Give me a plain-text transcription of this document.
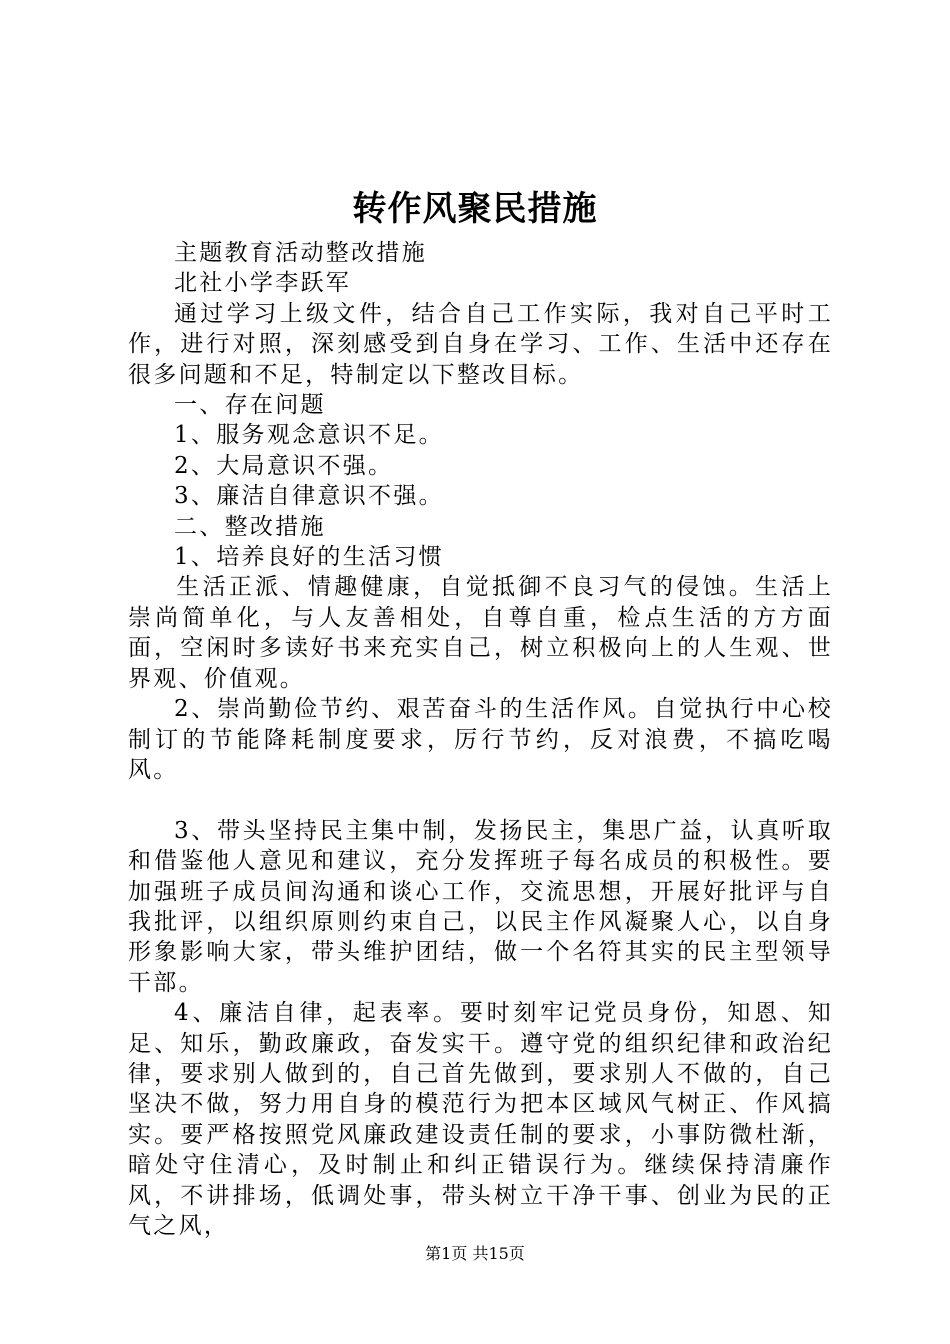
转作风聚民措施

主题教育活动整改措施

北社小学李跃军

通过学习上级文件，结合自己工作实际，我对自己平时工作，进行对照，深刻感受到自身在学习、工作、生活中还存在很多问题和不足，特制定以下整改目标。

一、存在问题

1、服务观念意识不足。

2、大局意识不强。

3、廉洁自律意识不强。

二、整改措施

1、培养良好的生活习惯

生活正派、情趣健康，自觉抵御不良习气的侵蚀。生活上崇尚简单化，与人友善相处，自尊自重，检点生活的方方面面，空闲时多读好书来充实自己，树立积极向上的人生观、世界观、价值观。

2、崇尚勤俭节约、艰苦奋斗的生活作风。自觉执行中心校制订的节能降耗制度要求，厉行节约，反对浪费，不搞吃喝风。

3、带头坚持民主集中制，发扬民主，集思广益，认真听取和借鉴他人意见和建议，充分发挥班子每名成员的积极性。要加强班子成员间沟通和谈心工作，交流思想，开展好批评与自我批评，以组织原则约束自己，以民主作风凝聚人心，以自身形象影响大家，带头维护团结，做一个名符其实的民主型领导干部。

4、廉洁自律，起表率。要时刻牢记党员身份，知恩、知足、知乐，勤政廉政，奋发实干。遵守党的组织纪律和政治纪律，要求别人做到的，自己首先做到，要求别人不做的，自己坚决不做，努力用自身的模范行为把本区域风气树正、作风搞实。要严格按照党风廉政建设责任制的要求，小事防微杜渐，暗处守住清心，及时制止和纠正错误行为。继续保持清廉作风，不讲排场，低调处事，带头树立干净干事、创业为民的正气之风，

第1页 共15页
